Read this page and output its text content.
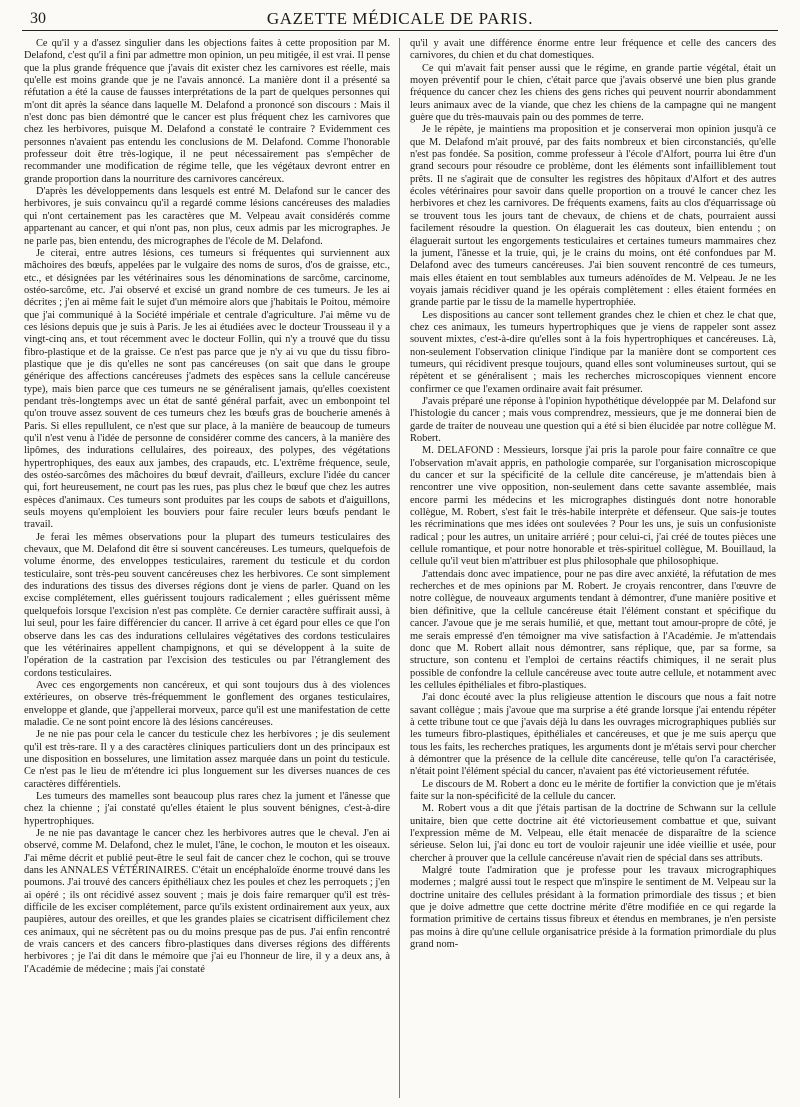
30	GAZETTE MÉDICALE DE PARIS.

Ce qu'il y a d'assez singulier dans les objections faites à cette proposition par M. Delafond, c'est qu'il a fini par admettre mon opinion, un peu mitigée, il est vrai. Il pense que la plus grande fréquence que j'avais dit exister chez les carnivores est réelle, mais qu'elle est moins grande que je ne l'avais annoncé. La manière dont il a présenté sa réfutation a été la cause de fausses interprétations de la part de quelques personnes qui m'ont dit après la séance dans laquelle M. Delafond a prononcé son discours : Mais il n'est donc pas bien démontré que le cancer est plus fréquent chez les carnivores que chez les herbivores, puisque M. Delafond a constaté le contraire ? Evidemment ces personnes n'avaient pas entendu les conclusions de M. Delafond. Comme l'honorable professeur doit être très-logique, il ne peut nécessairement pas s'empêcher de recommander une modification de régime telle, que les végétaux devront entrer en grande proportion dans la nourriture des carnivores cancéreux.

D'après les développements dans lesquels est entré M. Delafond sur le cancer des herbivores, je suis convaincu qu'il a regardé comme lésions cancéreuses des maladies qui n'ont certainement pas les caractères que M. Velpeau avait considérés comme appartenant au cancer, et qui n'ont pas, non plus, ceux admis par les micrographes. Je ne parle pas, bien entendu, des micrographes de l'école de M. Delafond.

Je citerai, entre autres lésions, ces tumeurs si fréquentes qui surviennent aux mâchoires des bœufs, appelées par le vulgaire des noms de suros, d'os de graisse, etc., etc., et désignées par les vétérinaires sous les dénominations de sarcôme, carcinome, ostéo-sarcôme, etc. J'ai observé et excisé un grand nombre de ces tumeurs. Je les ai décrites ; j'en ai même fait le sujet d'un mémoire alors que j'habitais le Poitou, mémoire que j'ai communiqué à la Société impériale et centrale d'agriculture. J'ai même vu de ces lésions depuis que je suis à Paris. Je les ai étudiées avec le docteur Trousseau il y a vingt-cinq ans, et tout récemment avec le docteur Follin, qui n'y a trouvé que du tissu fibro-plastique et de la graisse. Ce n'est pas parce que je n'y ai vu que du tissu fibro-plastique que je dis qu'elles ne sont pas cancéreuses (on sait que dans le groupe générique des affections cancéreuses j'admets des espèces sans la cellule cancéreuse type), mais bien parce que ces tumeurs ne se généralisent jamais, qu'elles coexistent pendant très-longtemps avec un état de santé général parfait, avec un embonpoint tel qu'on trouve assez souvent de ces tumeurs chez les bœufs gras de boucherie amenés à Paris. Si elles repullulent, ce n'est que sur place, à la manière de beaucoup de tumeurs qu'il n'est venu à l'idée de personne de considérer comme des cancers, à la manière des lipômes, des indurations cellulaires, des poireaux, des polypes, des végétations hypertrophiques, des eaux aux jambes, des crapauds, etc. L'extrême fréquence, seule, des ostéo-sarcômes des mâchoires du bœuf devrait, d'ailleurs, exclure l'idée du cancer qui, fort heureusement, ne court pas les rues, pas plus chez le bœuf que chez les autres espèces d'animaux. Ces tumeurs sont produites par les coups de sabots et d'aiguillons, seuls moyens qu'emploient les bouviers pour faire reculer leurs bœufs pendant le travail.

Je ferai les mêmes observations pour la plupart des tumeurs testiculaires des chevaux, que M. Delafond dit être si souvent cancéreuses. Les tumeurs, quelquefois de volume énorme, des enveloppes testiculaires, rarement du testicule et du cordon testiculaire, sont très-peu souvent cancéreuses chez les herbivores. Ce sont simplement des indurations des tissus des diverses régions dont je viens de parler. Quand on les excise complétement, elles guérissent toujours radicalement ; elles guérissent même quelquefois lorsque l'excision n'est pas complète. Ce dernier caractère suffirait aussi, à lui seul, pour les faire différencier du cancer. Il arrive à cet égard pour elles ce que l'on observe dans les cas des indurations cellulaires végétatives des cordons testiculaires que les vétérinaires appellent champignons, et qui se développent à la suite de l'opération de la castration par l'excision des testicules ou par l'étranglement des cordons testiculaires.

Avec ces engorgements non cancéreux, et qui sont toujours dus à des violences extérieures, on observe très-fréquemment le gonflement des organes testiculaires, enveloppe et glande, que j'appellerai morveux, parce qu'il est une manifestation de cette maladie. Ce ne sont point encore là des lésions cancéreuses.

Je ne nie pas pour cela le cancer du testicule chez les herbivores ; je dis seulement qu'il est très-rare. Il y a des caractères cliniques particuliers dont un des principaux est une disposition en bosselures, une limitation assez marquée dans un point du testicule. Ce n'est pas le lieu de m'étendre ici plus longuement sur les diverses nuances de ces caractères différentiels.

Les tumeurs des mamelles sont beaucoup plus rares chez la jument et l'ânesse que chez la chienne ; j'ai constaté qu'elles étaient le plus souvent bénignes, c'est-à-dire hypertrophiques.

Je ne nie pas davantage le cancer chez les herbivores autres que le cheval. J'en ai observé, comme M. Delafond, chez le mulet, l'âne, le cochon, le mouton et les oiseaux. J'ai même décrit et publié peut-être le seul fait de cancer chez le cochon, qui se trouve dans les ANNALES VÉTÉRINAIRES. C'était un encéphaloïde énorme trouvé dans les poumons. J'ai trouvé des cancers épithéliaux chez les poules et chez les perroquets ; j'en ai opéré ; ils ont récidivé assez souvent ; mais je dois faire remarquer qu'il est très-difficile de les exciser complétement, parce qu'ils existent ordinairement aux yeux, aux paupières, autour des oreilles, et que les grandes plaies se cicatrisent difficilement chez ces animaux, qui ne sécrètent pas ou du moins presque pas de pus. J'ai enfin rencontré de vrais cancers et des cancers fibro-plastiques dans diverses régions des différents herbivores ; je l'ai dit dans le mémoire que j'ai eu l'honneur de lire, il y a deux ans, à l'Académie de médecine ; mais j'ai constaté

qu'il y avait une différence énorme entre leur fréquence et celle des cancers des carnivores, du chien et du chat domestiques.

Ce qui m'avait fait penser aussi que le régime, en grande partie végétal, était un moyen préventif pour le chien, c'était parce que j'avais observé une bien plus grande fréquence du cancer chez les chiens des gens riches qui peuvent nourrir abondamment leurs animaux avec de la viande, que chez les chiens de la campagne qui ne mangent guère que du très-mauvais pain ou des pommes de terre.

Je le répète, je maintiens ma proposition et je conserverai mon opinion jusqu'à ce que M. Delafond m'ait prouvé, par des faits nombreux et bien circonstanciés, qu'elle n'est pas fondée. Sa position, comme professeur à l'école d'Alfort, pourra lui être d'un grand secours pour résoudre ce problème, dont les éléments sont infailliblement tout prêts. Il ne s'agirait que de consulter les registres des hôpitaux d'Alfort et des autres écoles vétérinaires pour savoir dans quelle proportion on a trouvé le cancer chez les herbivores et chez les carnivores. De fréquents examens, faits au clos d'équarrissage où se trouvent tous les jours tant de chevaux, de chiens et de chats, pourraient aussi facilement résoudre la question. On élaguerait les cas douteux, bien entendu ; on élaguerait surtout les engorgements testiculaires et certaines tumeurs mammaires chez la jument, l'ânesse et la truie, qui, je le crains du moins, ont été confondues par M. Delafond avec des tumeurs cancéreuses. J'ai bien souvent rencontré de ces tumeurs, mais elles étaient en tout semblables aux tumeurs adénoïdes de M. Velpeau. Je ne les voyais jamais récidiver quand je les opérais complètement : elles étaient formées en grande partie par le tissu de la mamelle hypertrophiée.

Les dispositions au cancer sont tellement grandes chez le chien et chez le chat que, chez ces animaux, les tumeurs hypertrophiques que je viens de rappeler sont assez souvent mixtes, c'est-à-dire qu'elles sont à la fois hypertrophiques et cancéreuses. Là, non-seulement l'observation clinique l'indique par la manière dont se comportent ces tumeurs, qui récidivent presque toujours, quand elles sont volumineuses surtout, qui se répètent et se généralisent ; mais les recherches microscopiques viennent encore confirmer ce que l'examen ordinaire avait fait présumer.

J'avais préparé une réponse à l'opinion hypothétique développée par M. Delafond sur l'histologie du cancer ; mais vous comprendrez, messieurs, que je me donnerai bien de garde de traiter de nouveau une question qui a été si bien élucidée par notre collègue M. Robert.

M. DELAFOND : Messieurs, lorsque j'ai pris la parole pour faire connaître ce que l'observation m'avait appris, en pathologie comparée, sur l'organisation microscopique du cancer et sur la spécificité de la cellule dite cancéreuse, je m'attendais bien à rencontrer une vive opposition, non-seulement dans cette savante assemblée, mais encore parmi les médecins et les micrographes distingués dont notre honorable collègue, M. Robert, s'est fait le très-habile interprète et défenseur. Que sais-je toutes les récriminations que mes idées ont soulevées ? Pour les uns, je suis un confusioniste radical ; pour les autres, un unitaire arriéré ; pour celui-ci, j'ai créé de toutes pièces une cellule romantique, et pour notre honorable et très-spirituel collègue, M. Bouillaud, la cellule qu'il veut bien m'attribuer est plus philosophale que philosophique.

J'attendais donc avec impatience, pour ne pas dire avec anxiété, la réfutation de mes recherches et de mes opinions par M. Robert. Je croyais rencontrer, dans l'œuvre de notre collègue, de nouveaux arguments tendant à démontrer, d'une manière positive et bien définitive, que la cellule cancéreuse était l'élément constant et spécifique du cancer. J'avoue que je me serais humilié, et que, mettant tout amour-propre de côté, je me serais empressé d'en témoigner ma vive satisfaction à l'Académie. Je m'attendais donc que M. Robert allait nous démontrer, sans réplique, que, par sa forme, sa structure, son contenu et l'emploi de certains réactifs chimiques, il ne serait plus possible de confondre la cellule cancéreuse avec toute autre cellule, et notamment avec les cellules épithéliales et fibro-plastiques.

J'ai donc écouté avec la plus religieuse attention le discours que nous a fait notre savant collègue ; mais j'avoue que ma surprise a été grande lorsque j'ai entendu répéter à cette tribune tout ce que j'avais déjà lu dans les ouvrages micrographiques publiés sur les tumeurs fibro-plastiques, épithéliales et cancéreuses, et que je me suis aperçu que tous les faits, les recherches pratiques, les arguments dont je m'étais servi pour chercher à démontrer que la présence de la cellule dite cancéreuse, telle qu'on l'a caractérisée, n'était point l'élément spécial du cancer, n'avaient pas été victorieusement réfutée.

Le discours de M. Robert a donc eu le mérite de fortifier la conviction que je m'étais faite sur la non-spécificité de la cellule du cancer.

M. Robert vous a dit que j'étais partisan de la doctrine de Schwann sur la cellule unitaire, bien que cette doctrine ait été victorieusement combattue et que, suivant l'expression même de M. Velpeau, elle était menacée de disparaître de la science sérieuse. Selon lui, j'ai donc eu tort de vouloir rajeunir une idée vieillie et usée, pour chercher à prouver que la cellule cancéreuse n'avait rien de spécial dans ses attributs.

Malgré toute l'admiration que je professe pour les travaux micrographiques modernes ; malgré aussi tout le respect que m'inspire le sentiment de M. Velpeau sur la doctrine unitaire des cellules présidant à la formation primordiale des tissus ; et bien que je doive admettre que cette doctrine mérite d'être modifiée en ce qui regarde la formation primitive de certains tissus fibreux et étendus en membranes, je n'en persiste pas moins à dire qu'une cellule organisatrice préside à la formation primordiale du plus grand nom-
